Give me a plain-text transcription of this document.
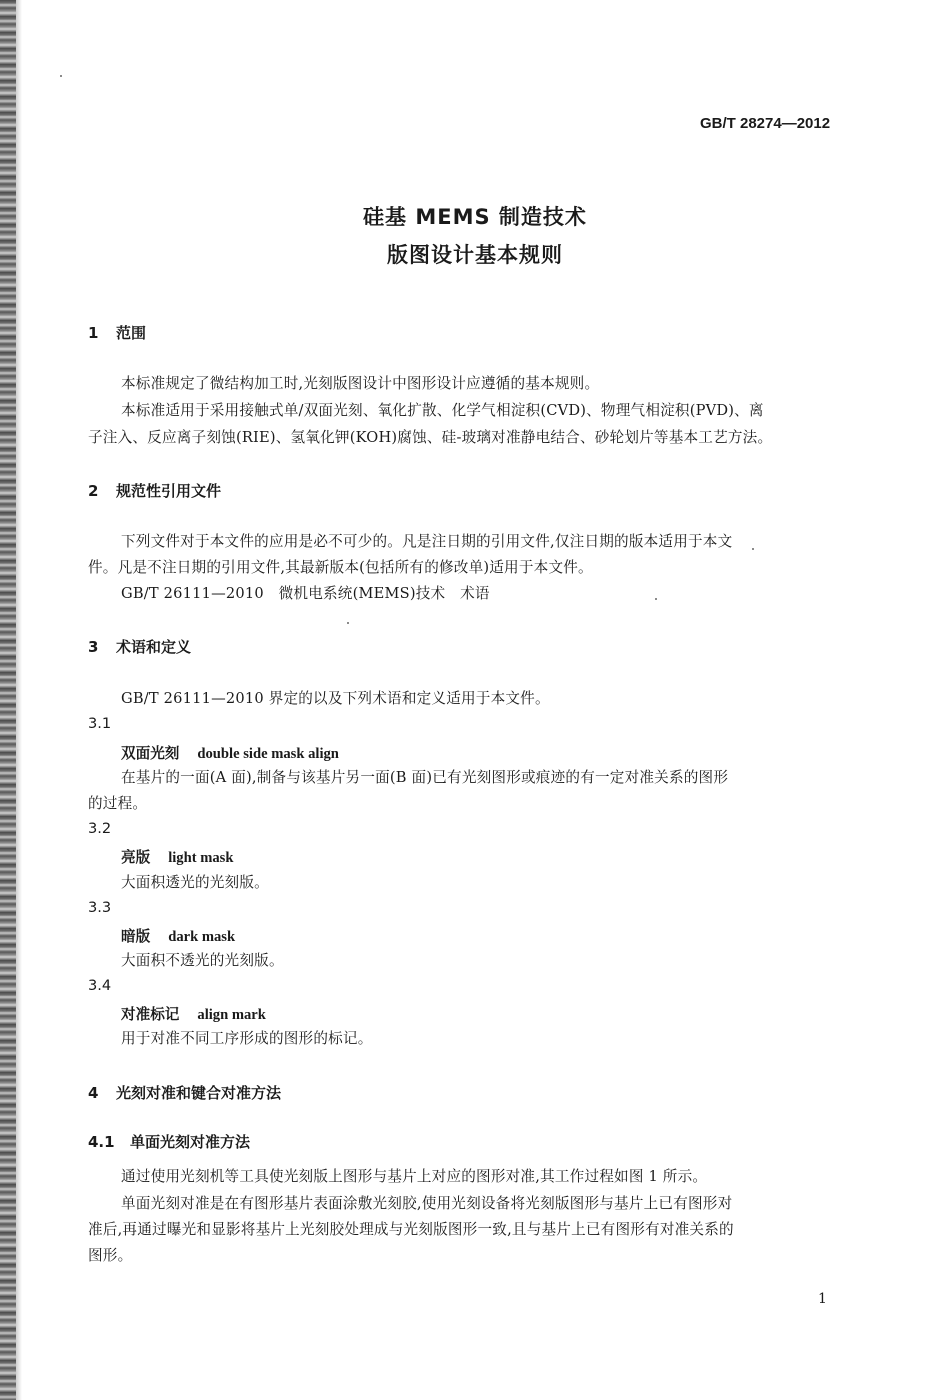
GB/T 28274—2012
硅基 MEMS 制造技术
版图设计基本规则
1 范围
本标准规定了微结构加工时,光刻版图设计中图形设计应遵循的基本规则。
本标准适用于采用接触式单/双面光刻、氧化扩散、化学气相淀积(CVD)、物理气相淀积(PVD)、离
子注入、反应离子刻蚀(RIE)、氢氧化钾(KOH)腐蚀、硅-玻璃对准静电结合、砂轮划片等基本工艺方法。
2 规范性引用文件
下列文件对于本文件的应用是必不可少的。凡是注日期的引用文件,仅注日期的版本适用于本文
件。凡是不注日期的引用文件,其最新版本(包括所有的修改单)适用于本文件。
GB/T 26111—2010　微机电系统(MEMS)技术　术语
3 术语和定义
GB/T 26111—2010 界定的以及下列术语和定义适用于本文件。
3.1
双面光刻 double side mask align
在基片的一面(A 面),制备与该基片另一面(B 面)已有光刻图形或痕迹的有一定对准关系的图形
的过程。
3.2
亮版 light mask
大面积透光的光刻版。
3.3
暗版 dark mask
大面积不透光的光刻版。
3.4
对准标记 align mark
用于对准不同工序形成的图形的标记。
4 光刻对准和键合对准方法
4.1 单面光刻对准方法
通过使用光刻机等工具使光刻版上图形与基片上对应的图形对准,其工作过程如图 1 所示。
单面光刻对准是在有图形基片表面涂敷光刻胶,使用光刻设备将光刻版图形与基片上已有图形对
准后,再通过曝光和显影将基片上光刻胶处理成与光刻版图形一致,且与基片上已有图形有对准关系的
图形。
1
